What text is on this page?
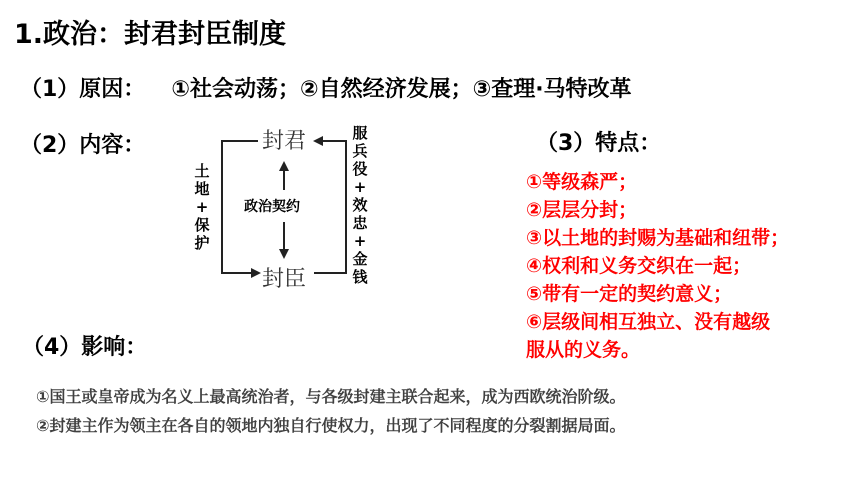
1.政治：封君封臣制度
（1）原因： ①社会动荡；②自然经济发展；③查理·马特改革
（2）内容：	封君
封臣
政治契约
土
地
+
保
护
服
兵
役
+
效
忠
+
金
钱
（3）特点：
①等级森严；
②层层分封；
③以土地的封赐为基础和纽带；
④权利和义务交织在一起；
⑤带有一定的契约意义；
⑥层级间相互独立、没有越级
服从的义务。
（4）影响：
①国王或皇帝成为名义上最高统治者，与各级封建主联合起来，成为西欧统治阶级。
②封建主作为领主在各自的领地内独自行使权力，出现了不同程度的分裂割据局面。
